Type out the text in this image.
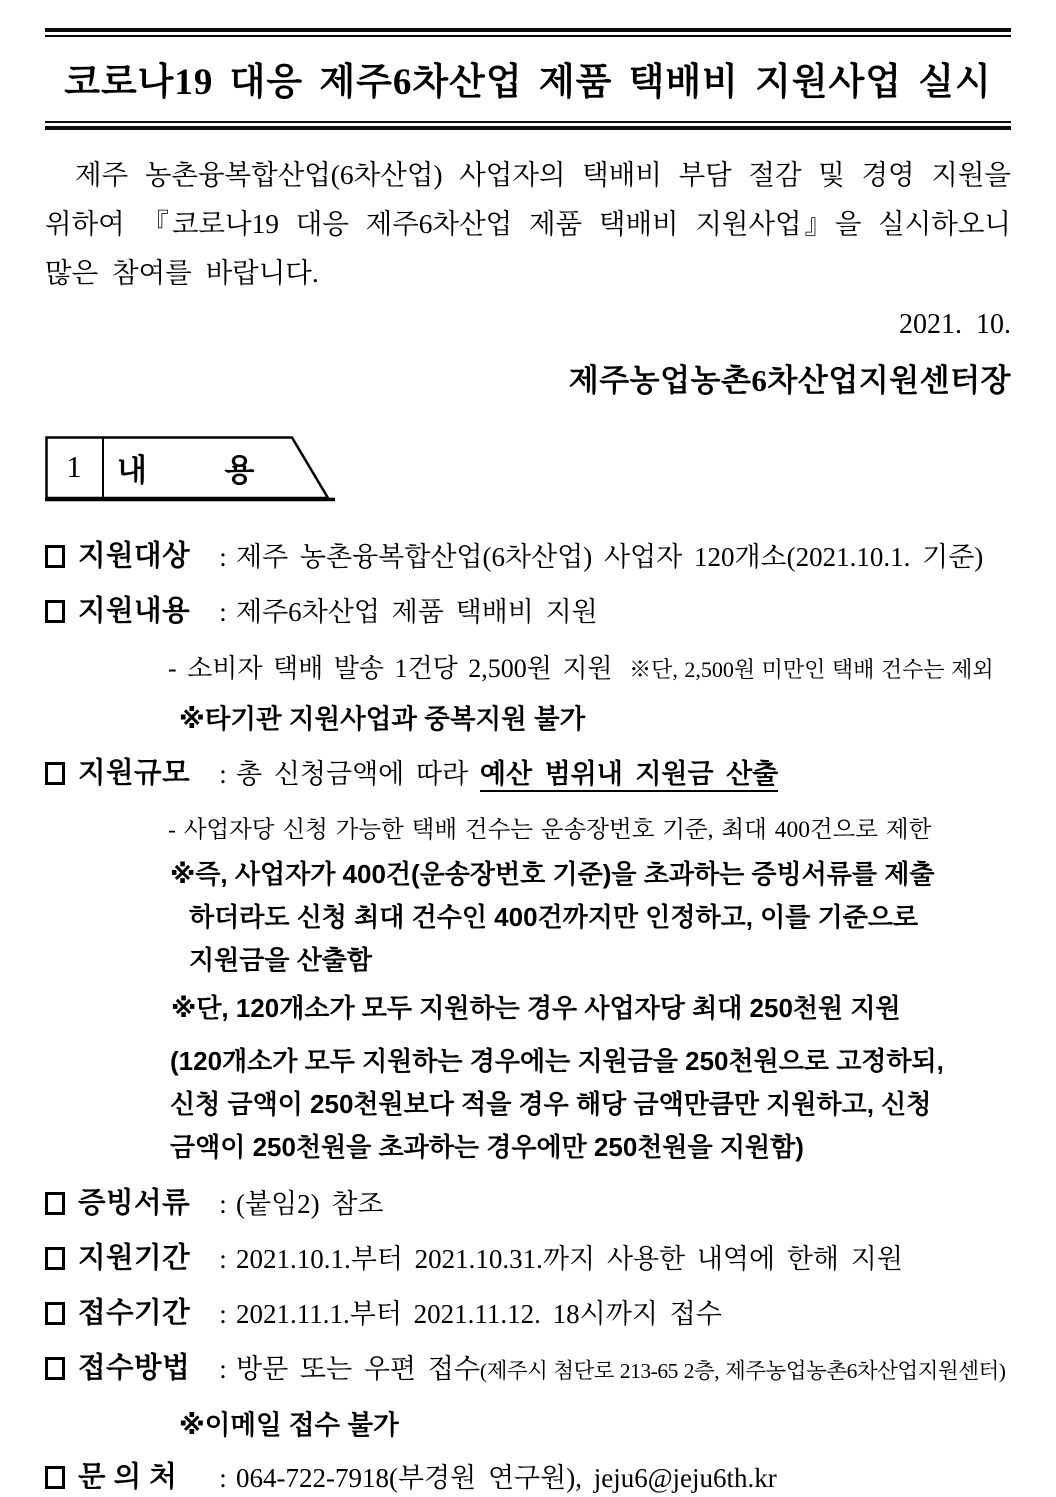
코로나19 대응 제주6차산업 제품 택배비 지원사업 실시

제주 농촌융복합산업(6차산업) 사업자의 택배비 부담 절감 및 경영 지원을 위하여 『코로나19 대응 제주6차산업 제품 택배비 지원사업』을 실시하오니 많은 참여를 바랍니다.

2021.  10.
제주농업농촌6차산업지원센터장
1	내   용
지원대상	: 제주 농촌융복합산업(6차산업) 사업자 120개소(2021.10.1. 기준)
지원내용	: 제주6차산업 제품 택배비 지원
- 소비자 택배 발송 1건당 2,500원 지원 ※단, 2,500원 미만인 택배 건수는 제외
※타기관 지원사업과 중복지원 불가
지원규모	: 총 신청금액에 따라 예산 범위내 지원금 산출
- 사업자당 신청 가능한 택배 건수는 운송장번호 기준, 최대 400건으로 제한
※즉, 사업자가 400건(운송장번호 기준)을 초과하는 증빙서류를 제출
하더라도 신청 최대 건수인 400건까지만 인정하고, 이를 기준으로
지원금을 산출함
※단, 120개소가 모두 지원하는 경우 사업자당 최대 250천원 지원
(120개소가 모두 지원하는 경우에는 지원금을 250천원으로 고정하되,
신청 금액이 250천원보다 적을 경우 해당 금액만큼만 지원하고, 신청
금액이 250천원을 초과하는 경우에만 250천원을 지원함)
증빙서류	: (붙임2) 참조
지원기간	: 2021.10.1.부터 2021.10.31.까지 사용한 내역에 한해 지원
접수기간	: 2021.11.1.부터 2021.11.12. 18시까지 접수
접수방법	: 방문 또는 우편 접수(제주시 첨단로 213-65 2층, 제주농업농촌6차산업지원센터)
※이메일 접수 불가
문 의 처	: 064-722-7918(부경원 연구원), jeju6@jeju6th.kr
